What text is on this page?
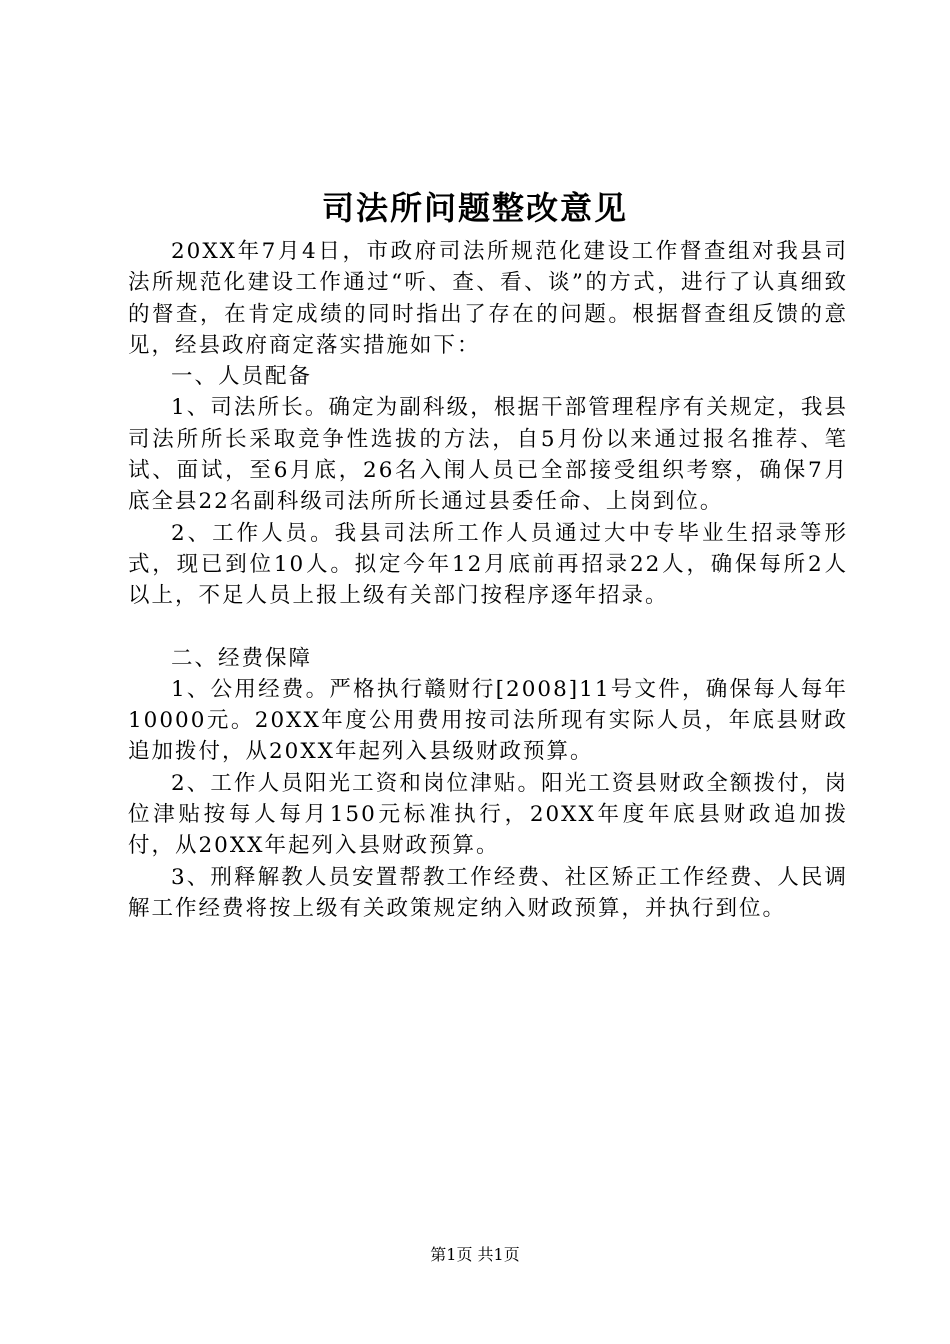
司法所问题整改意见

20XX年7月4日，市政府司法所规范化建设工作督查组对我县司法所规范化建设工作通过“听、查、看、谈”的方式，进行了认真细致的督查，在肯定成绩的同时指出了存在的问题。根据督查组反馈的意见，经县政府商定落实措施如下：

一、人员配备

1、司法所长。确定为副科级，根据干部管理程序有关规定，我县司法所所长采取竞争性选拔的方法，自5月份以来通过报名推荐、笔试、面试，至6月底，26名入闱人员已全部接受组织考察，确保7月底全县22名副科级司法所所长通过县委任命、上岗到位。

2、工作人员。我县司法所工作人员通过大中专毕业生招录等形式，现已到位10人。拟定今年12月底前再招录22人，确保每所2人以上，不足人员上报上级有关部门按程序逐年招录。

二、经费保障

1、公用经费。严格执行赣财行[2008]11号文件，确保每人每年10000元。20XX年度公用费用按司法所现有实际人员，年底县财政追加拨付，从20XX年起列入县级财政预算。

2、工作人员阳光工资和岗位津贴。阳光工资县财政全额拨付，岗位津贴按每人每月150元标准执行，20XX年度年底县财政追加拨付，从20XX年起列入县财政预算。

3、刑释解教人员安置帮教工作经费、社区矫正工作经费、人民调解工作经费将按上级有关政策规定纳入财政预算，并执行到位。

第1页 共1页
